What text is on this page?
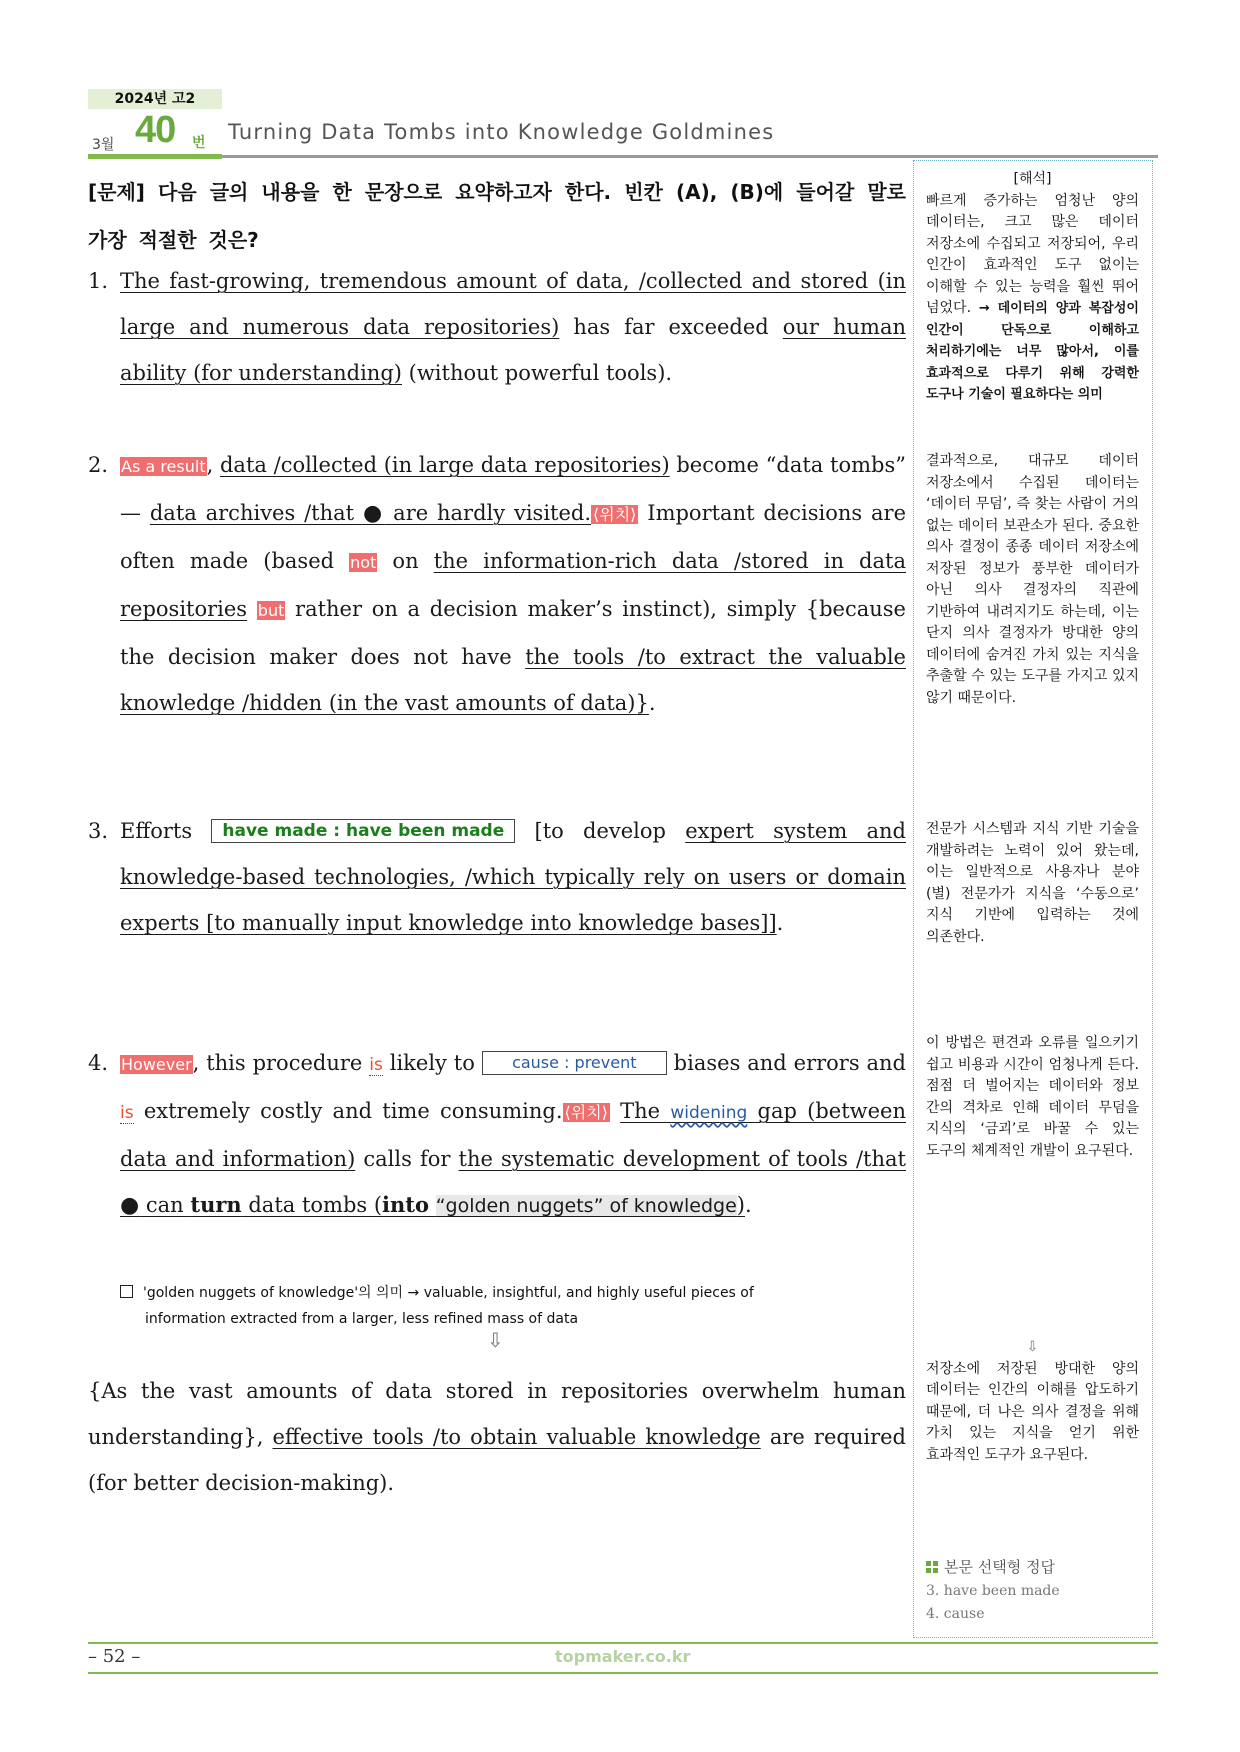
2024년 고2
3월 40 번 Turning Data Tombs into Knowledge Goldmines
[문제] 다음 글의 내용을 한 문장으로 요약하고자 한다. 빈칸 (A), (B)에 들어갈 말로 가장 적절한 것은?
1. The fast-growing, tremendous amount of data, /collected and stored (in large and numerous data repositories) has far exceeded our human ability (for understanding) (without powerful tools).
2. As a result, data /collected (in large data repositories) become “data tombs” — data archives /that ● are hardly visited. ⟨위치⟩ Important decisions are often made (based not on the information-rich data /stored in data repositories but rather on a decision maker’s instinct), simply {because the decision maker does not have the tools /to extract the valuable knowledge /hidden (in the vast amounts of data)}.
3. Efforts have made : have been made [to develop expert system and knowledge-based technologies, /which typically rely on users or domain experts [to manually input knowledge into knowledge bases]].
4. However, this procedure is likely to cause : prevent biases and errors and is extremely costly and time consuming. ⟨위치⟩ The widening gap (between data and information) calls for the systematic development of tools /that ● can turn data tombs (into “golden nuggets” of knowledge).
'golden nuggets of knowledge'의 의미 → valuable, insightful, and highly useful pieces of
information extracted from a larger, less refined mass of data
⇩
{As the vast amounts of data stored in repositories overwhelm human understanding}, effective tools /to obtain valuable knowledge are required (for better decision-making).
[해석]
빠르게 증가하는 엄청난 양의 데이터는, 크고 많은 데이터 저장소에 수집되고 저장되어, 우리 인간이 효과적인 도구 없이는 이해할 수 있는 능력을 훨씬 뛰어 넘었다. → 데이터의 양과 복잡성이 인간이 단독으로 이해하고 처리하기에는 너무 많아서, 이를 효과적으로 다루기 위해 강력한 도구나 기술이 필요하다는 의미
결과적으로, 대규모 데이터 저장소에서 수집된 데이터는 ‘데이터 무덤’, 즉 찾는 사람이 거의 없는 데이터 보관소가 된다. 중요한 의사 결정이 종종 데이터 저장소에 저장된 정보가 풍부한 데이터가 아닌 의사 결정자의 직관에 기반하여 내려지기도 하는데, 이는 단지 의사 결정자가 방대한 양의 데이터에 숨겨진 가치 있는 지식을 추출할 수 있는 도구를 가지고 있지 않기 때문이다.
전문가 시스템과 지식 기반 기술을 개발하려는 노력이 있어 왔는데, 이는 일반적으로 사용자나 분야(별) 전문가가 지식을 ‘수동으로’ 지식 기반에 입력하는 것에 의존한다.
이 방법은 편견과 오류를 일으키기 쉽고 비용과 시간이 엄청나게 든다. 점점 더 벌어지는 데이터와 정보 간의 격차로 인해 데이터 무덤을 지식의 ‘금괴’로 바꿀 수 있는 도구의 체계적인 개발이 요구된다.
⇩
저장소에 저장된 방대한 양의 데이터는 인간의 이해를 압도하기 때문에, 더 나은 의사 결정을 위해 가치 있는 지식을 얻기 위한 효과적인 도구가 요구된다.
본문 선택형 정답
3. have been made
4. cause
– 52 –	topmaker.co.kr
